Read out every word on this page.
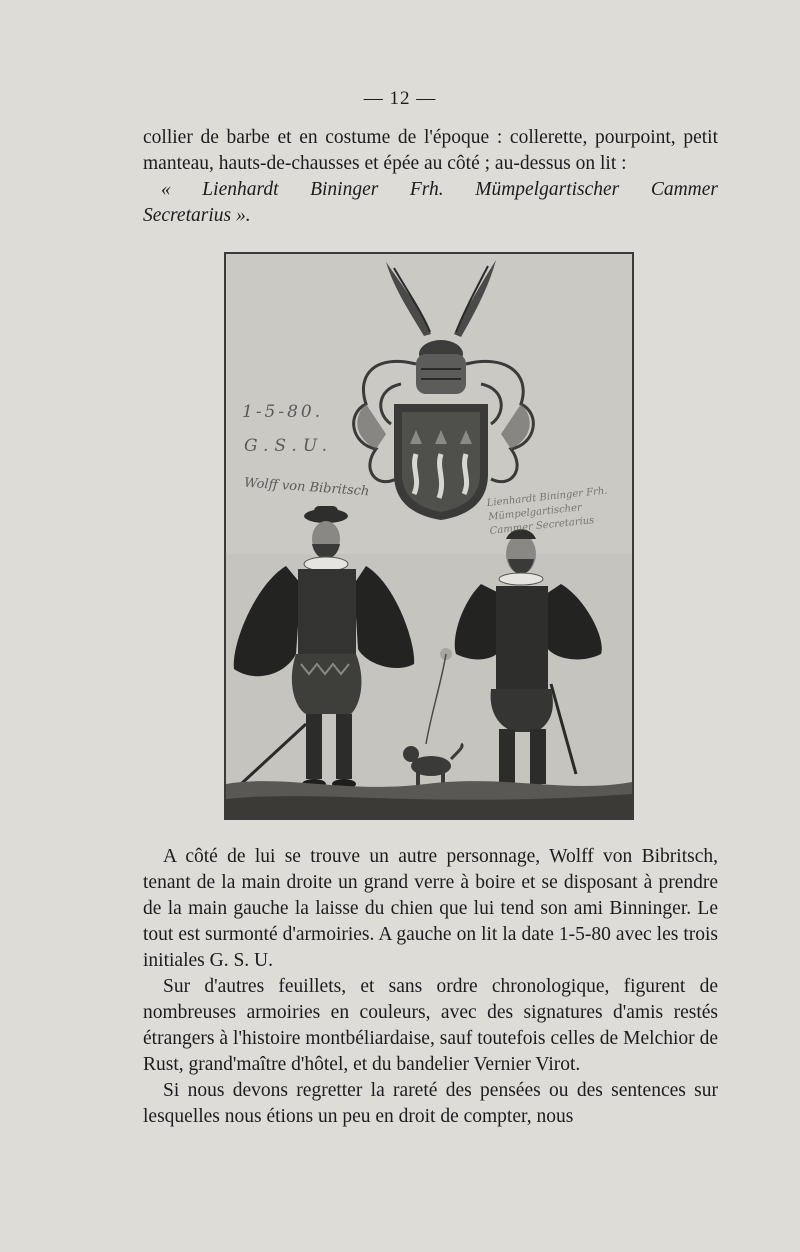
— 12 —

collier de barbe et en costume de l'époque : collerette, pourpoint, petit manteau, hauts-de-chausses et épée au côté ; au-dessus on lit :

« Lienhardt Bininger Frh. Mümpelgartischer Cammer

Secretarius ».

1-5-80.
G.S.U.
Wolff von Bibritsch	Lienhardt Bininger Frh. Mümpelgartischer Cammer Secretarius

A côté de lui se trouve un autre personnage, Wolff von Bibritsch, tenant de la main droite un grand verre à boire et se disposant à prendre de la main gauche la laisse du chien que lui tend son ami Binninger. Le tout est surmonté d'armoiries. A gauche on lit la date 1-5-80 avec les trois initiales G. S. U.

Sur d'autres feuillets, et sans ordre chronologique, figurent de nombreuses armoiries en couleurs, avec des signatures d'amis restés étrangers à l'histoire montbéliardaise, sauf toutefois celles de Melchior de Rust, grand'maître d'hôtel, et du bandelier Vernier Virot.

Si nous devons regretter la rareté des pensées ou des sentences sur lesquelles nous étions un peu en droit de compter, nous
